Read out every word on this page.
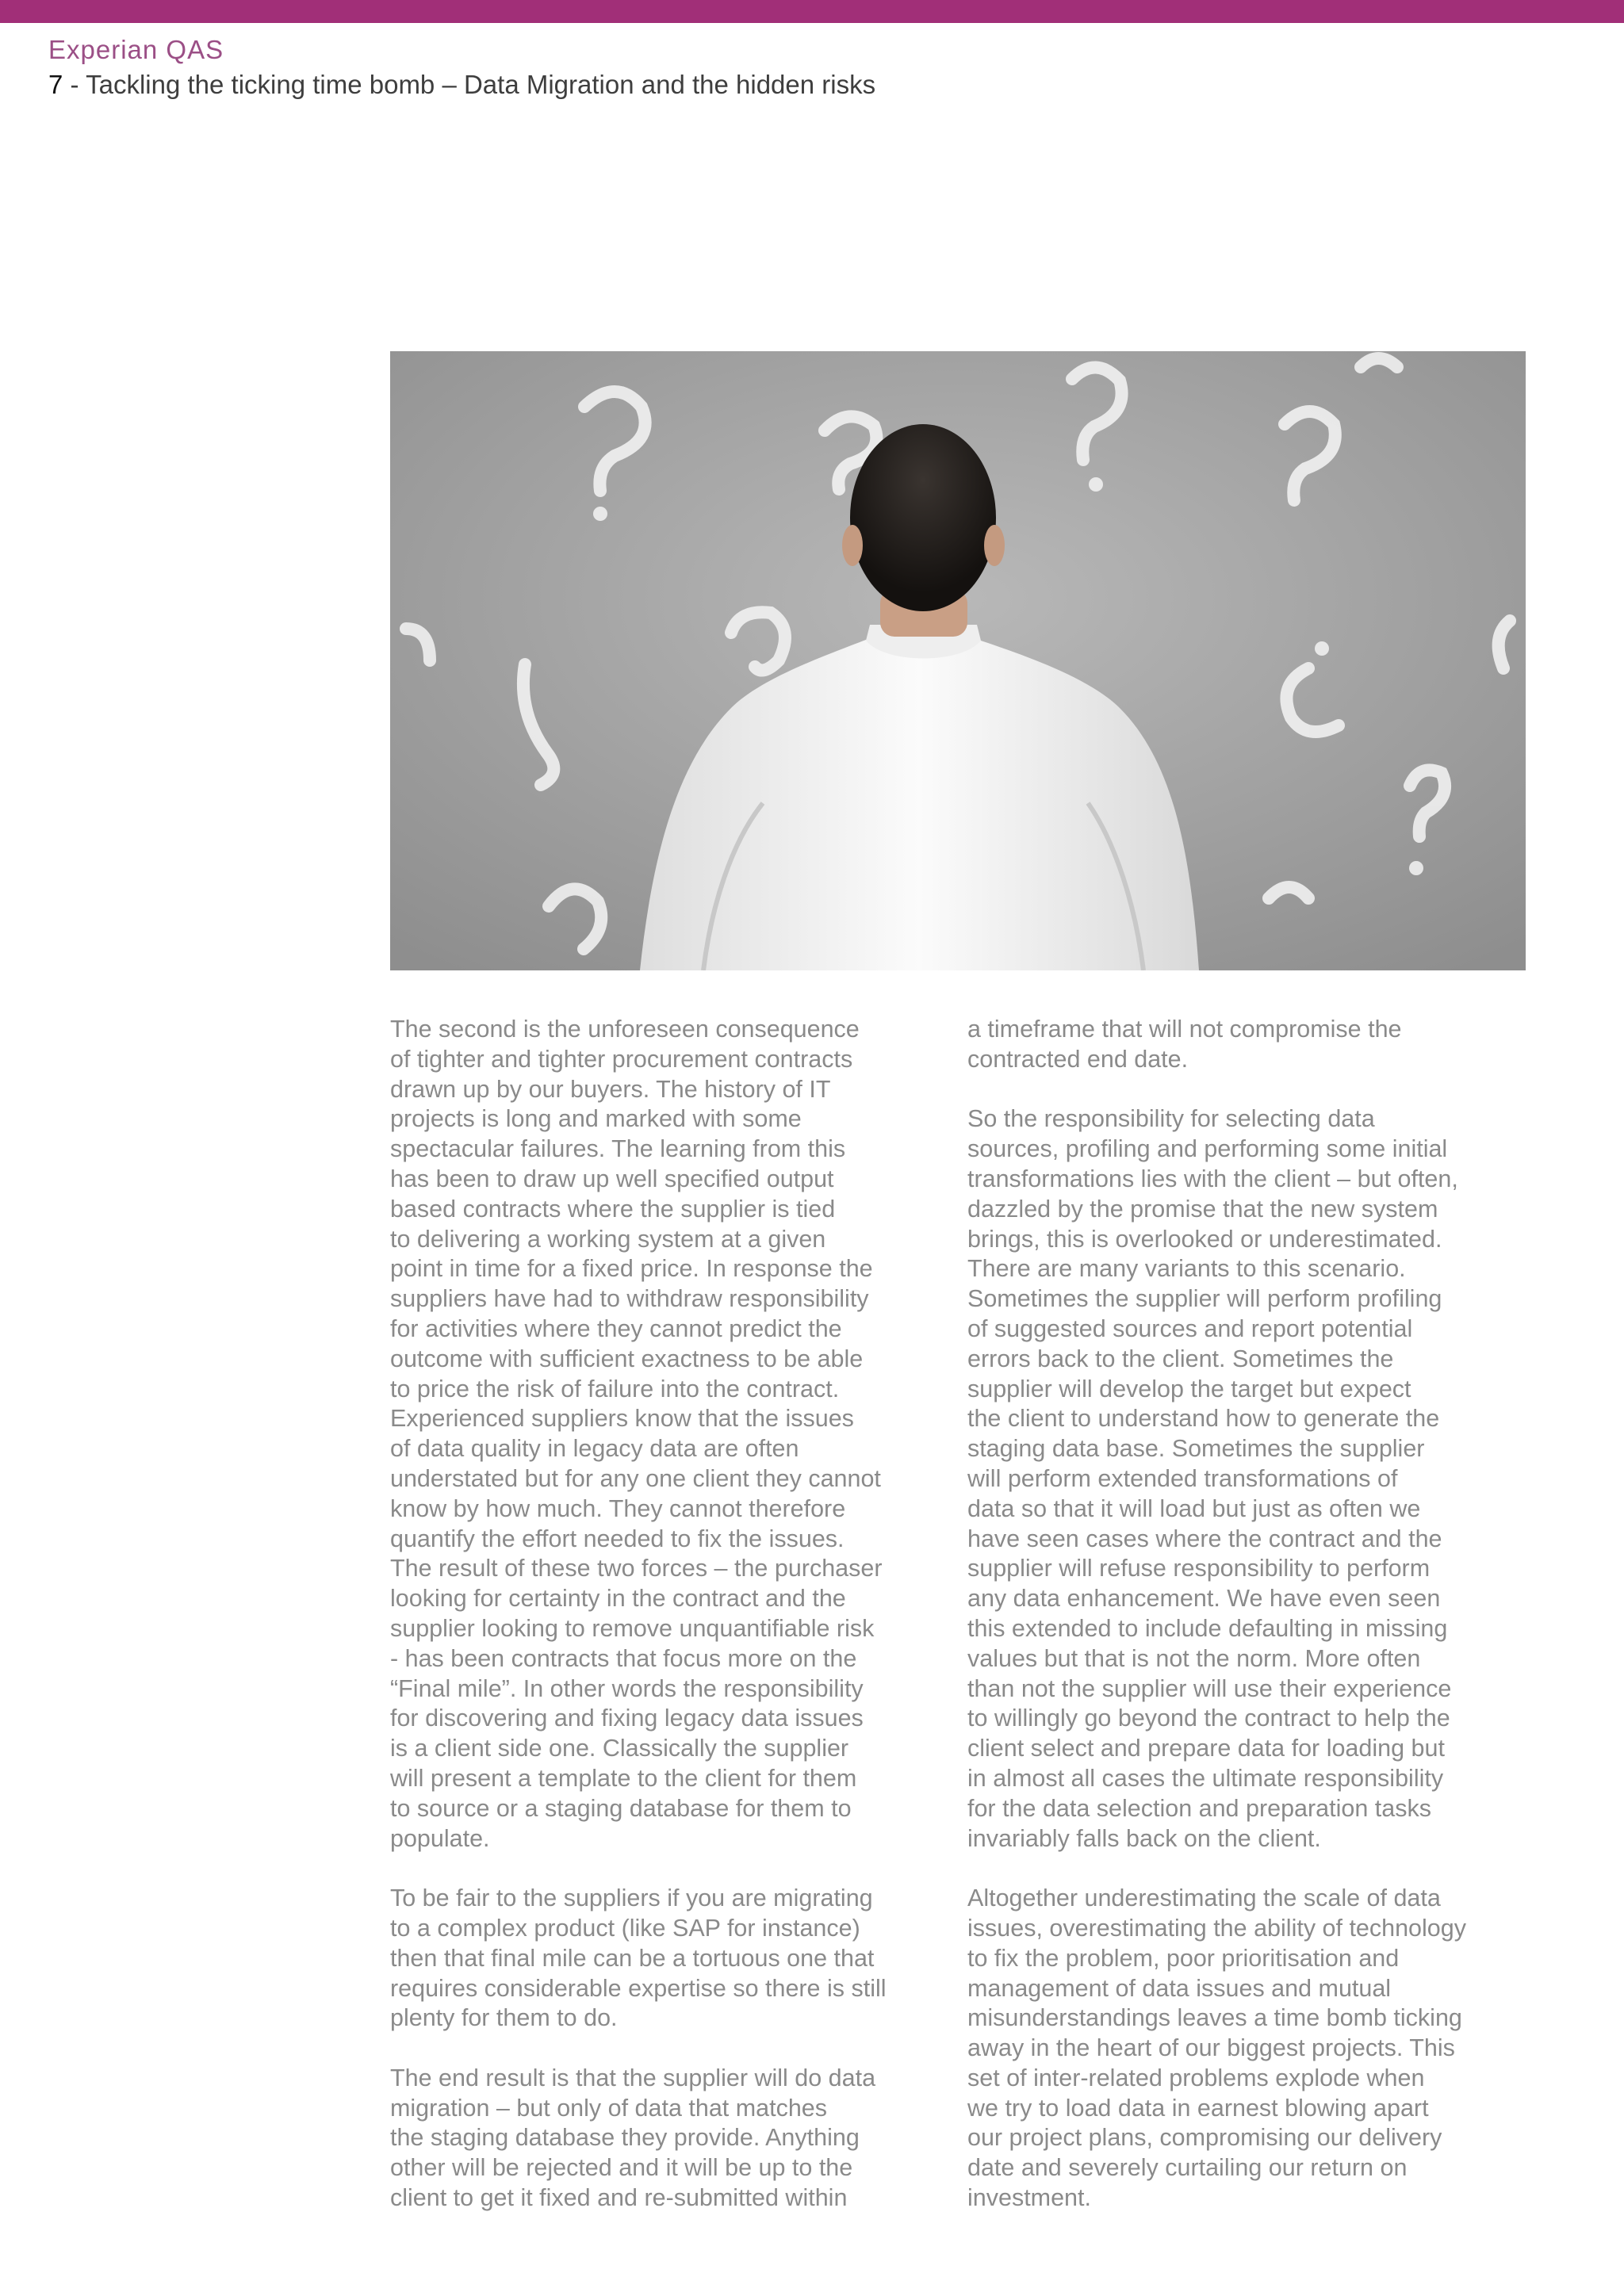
Experian QAS
7 - Tackling the ticking time bomb – Data Migration and the hidden risks

The second is the unforeseen consequence

of tighter and tighter procurement contracts

drawn up by our buyers. The history of IT

projects is long and marked with some

spectacular failures. The learning from this

has been to draw up well specified output

based contracts where the supplier is tied

to delivering a working system at a given

point in time for a fixed price. In response the

suppliers have had to withdraw responsibility

for activities where they cannot predict the

outcome with sufficient exactness to be able

to price the risk of failure into the contract.

Experienced suppliers know that the issues

of data quality in legacy data are often

understated but for any one client they cannot

know by how much. They cannot therefore

quantify the effort needed to fix the issues.

The result of these two forces – the purchaser

looking for certainty in the contract and the

supplier looking to remove unquantifiable risk

- has been contracts that focus more on the

“Final mile”. In other words the responsibility

for discovering and fixing legacy data issues

is a client side one. Classically the supplier

will present a template to the client for them

to source or a staging database for them to

populate.

To be fair to the suppliers if you are migrating

to a complex product (like SAP for instance)

then that final mile can be a tortuous one that

requires considerable expertise so there is still

plenty for them to do.

The end result is that the supplier will do data

migration – but only of data that matches

the staging database they provide. Anything

other will be rejected and it will be up to the

client to get it fixed and re-submitted within

a timeframe that will not compromise the

contracted end date.

So the responsibility for selecting data

sources, profiling and performing some initial

transformations lies with the client – but often,

dazzled by the promise that the new system

brings, this is overlooked or underestimated.

There are many variants to this scenario.

Sometimes the supplier will perform profiling

of suggested sources and report potential

errors back to the client. Sometimes the

supplier will develop the target but expect

the client to understand how to generate the

staging data base. Sometimes the supplier

will perform extended transformations of

data so that it will load but just as often we

have seen cases where the contract and the

supplier will refuse responsibility to perform

any data enhancement. We have even seen

this extended to include defaulting in missing

values but that is not the norm. More often

than not the supplier will use their experience

to willingly go beyond the contract to help the

client select and prepare data for loading but

in almost all cases the ultimate responsibility

for the data selection and preparation tasks

invariably falls back on the client.

Altogether underestimating the scale of data

issues, overestimating the ability of technology

to fix the problem, poor prioritisation and

management of data issues and mutual

misunderstandings leaves a time bomb ticking

away in the heart of our biggest projects. This

set of inter-related problems explode when

we try to load data in earnest blowing apart

our project plans, compromising our delivery

date and severely curtailing our return on

investment.
